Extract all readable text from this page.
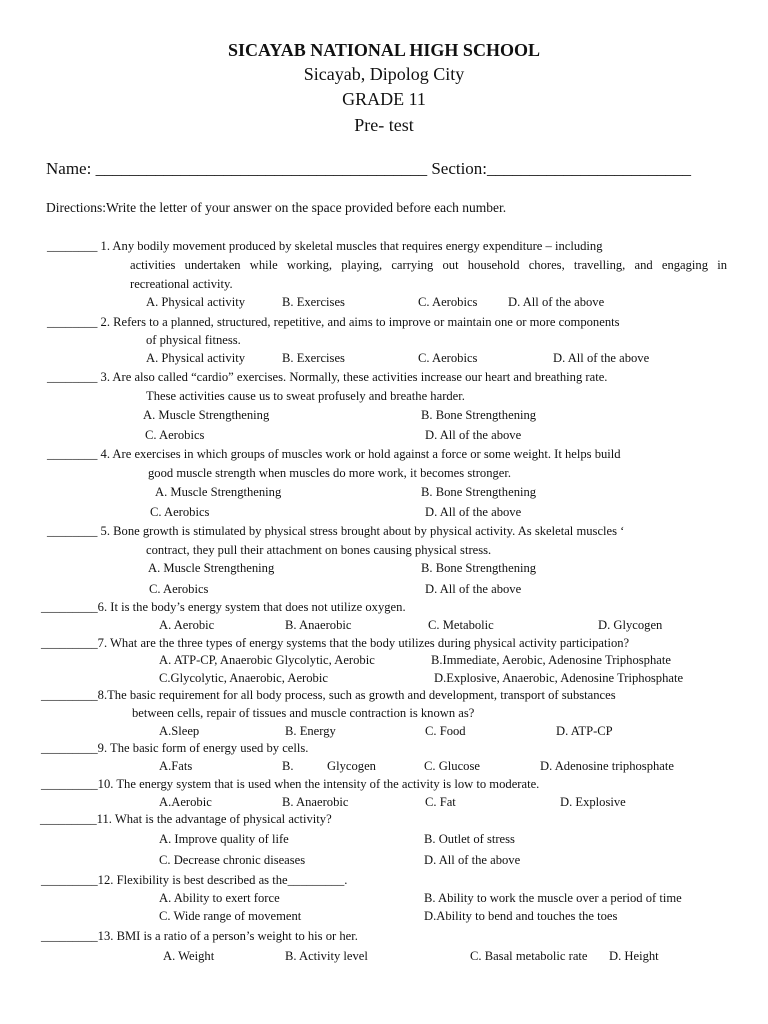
SICAYAB NATIONAL HIGH SCHOOL
Sicayab, Dipolog City
GRADE 11
Pre- test
Name: _______________________________________ Section:________________________
Directions:Write the letter of your answer on the space provided before each number.
________ 1. Any bodily movement produced by skeletal muscles that requires energy expenditure – including
activities undertaken while working, playing, carrying out household chores, travelling, and engaging in
recreational activity.
A. Physical activity	B. Exercises	C. Aerobics D. All of the above
________ 2. Refers to a planned, structured, repetitive, and aims to improve or maintain one or more components
of physical fitness.
A. Physical activity	B. Exercises	C. Aerobics	D. All of the above
________ 3. Are also called “cardio” exercises. Normally, these activities increase our heart and breathing rate.
These activities cause us to sweat profusely and breathe harder.
A. Muscle Strengthening	B. Bone Strengthening
C. Aerobics	D. All of the above
________ 4. Are exercises in which groups of muscles work or hold against a force or some weight. It helps build
good muscle strength when muscles do more work, it becomes stronger.
A. Muscle Strengthening	B. Bone Strengthening
C. Aerobics	D. All of the above
________ 5. Bone growth is stimulated by physical stress brought about by physical activity. As skeletal muscles ‘
contract, they pull their attachment on bones causing physical stress.
A. Muscle Strengthening	B. Bone Strengthening
C. Aerobics	D. All of the above
_________6. It is the body’s energy system that does not utilize oxygen.
A. Aerobic	B. Anaerobic	C. Metabolic	D. Glycogen
_________7. What are the three types of energy systems that the body utilizes during physical activity participation?
A. ATP-CP, Anaerobic Glycolytic, Aerobic	B.Immediate, Aerobic, Adenosine Triphosphate
C.Glycolytic, Anaerobic, Aerobic	D.Explosive, Anaerobic, Adenosine Triphosphate
_________8.The basic requirement for all body process, such as growth and development, transport of substances
between cells, repair of tissues and muscle contraction is known as?
A.Sleep	B. Energy	C. Food	D. ATP-CP
_________9. The basic form of energy used by cells.
A.Fats	B.	Glycogen	C. Glucose	D. Adenosine triphosphate
_________10. The energy system that is used when the intensity of the activity is low to moderate.
A.Aerobic	B. Anaerobic	C. Fat	D. Explosive
_________11. What is the advantage of physical activity?
A. Improve quality of life	B. Outlet of stress
C. Decrease chronic diseases	D. All of the above
_________12. Flexibility is best described as the_________.
A. Ability to exert force	B. Ability to work the muscle over a period of time
C. Wide range of movement	D.Ability to bend and touches the toes
_________13. BMI is a ratio of a person’s weight to his or her.
A. Weight	B. Activity level	C. Basal metabolic rate D. Height
